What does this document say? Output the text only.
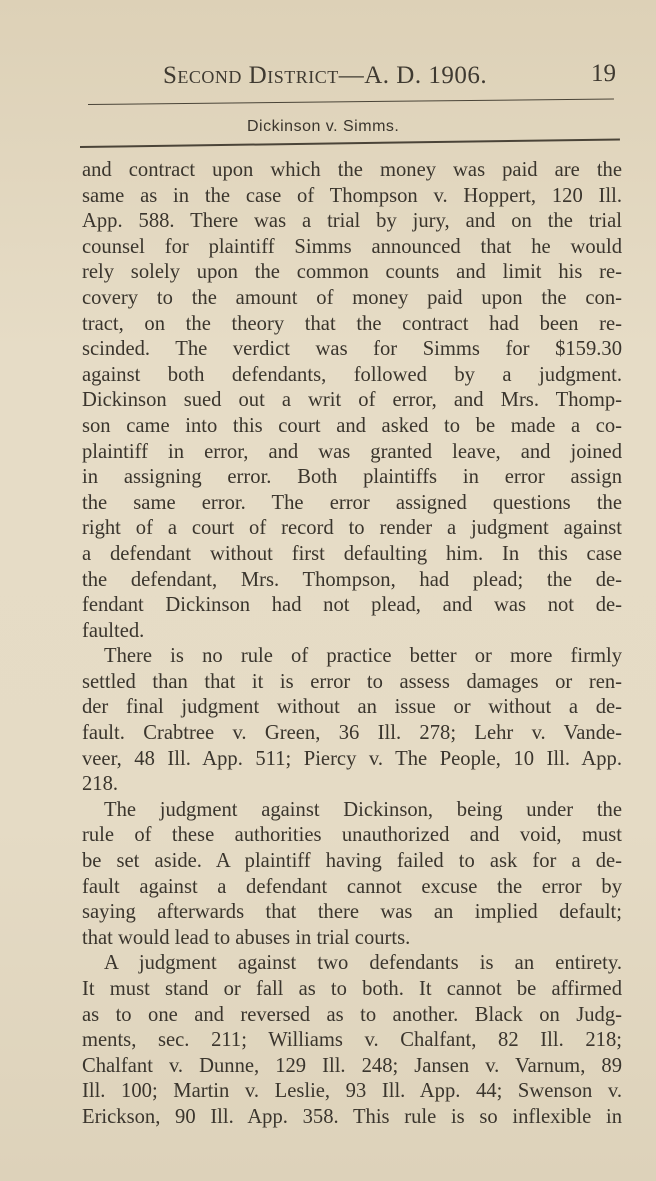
Second District—A. D. 1906.	19
Dickinson v. Simms.
and contract upon which the money was paid are the
same as in the case of Thompson v. Hoppert, 120 Ill.
App. 588. There was a trial by jury, and on the trial
counsel for plaintiff Simms announced that he would
rely solely upon the common counts and limit his re-
covery to the amount of money paid upon the con-
tract, on the theory that the contract had been re-
scinded. The verdict was for Simms for $159.30
against both defendants, followed by a judgment.
Dickinson sued out a writ of error, and Mrs. Thomp-
son came into this court and asked to be made a co-
plaintiff in error, and was granted leave, and joined
in assigning error. Both plaintiffs in error assign
the same error. The error assigned questions the
right of a court of record to render a judgment against
a defendant without first defaulting him. In this case
the defendant, Mrs. Thompson, had plead; the de-
fendant Dickinson had not plead, and was not de-
faulted.
There is no rule of practice better or more firmly
settled than that it is error to assess damages or ren-
der final judgment without an issue or without a de-
fault. Crabtree v. Green, 36 Ill. 278; Lehr v. Vande-
veer, 48 Ill. App. 511; Piercy v. The People, 10 Ill. App.
218.
The judgment against Dickinson, being under the
rule of these authorities unauthorized and void, must
be set aside. A plaintiff having failed to ask for a de-
fault against a defendant cannot excuse the error by
saying afterwards that there was an implied default;
that would lead to abuses in trial courts.
A judgment against two defendants is an entirety.
It must stand or fall as to both. It cannot be affirmed
as to one and reversed as to another. Black on Judg-
ments, sec. 211; Williams v. Chalfant, 82 Ill. 218;
Chalfant v. Dunne, 129 Ill. 248; Jansen v. Varnum, 89
Ill. 100; Martin v. Leslie, 93 Ill. App. 44; Swenson v.
Erickson, 90 Ill. App. 358. This rule is so inflexible in
